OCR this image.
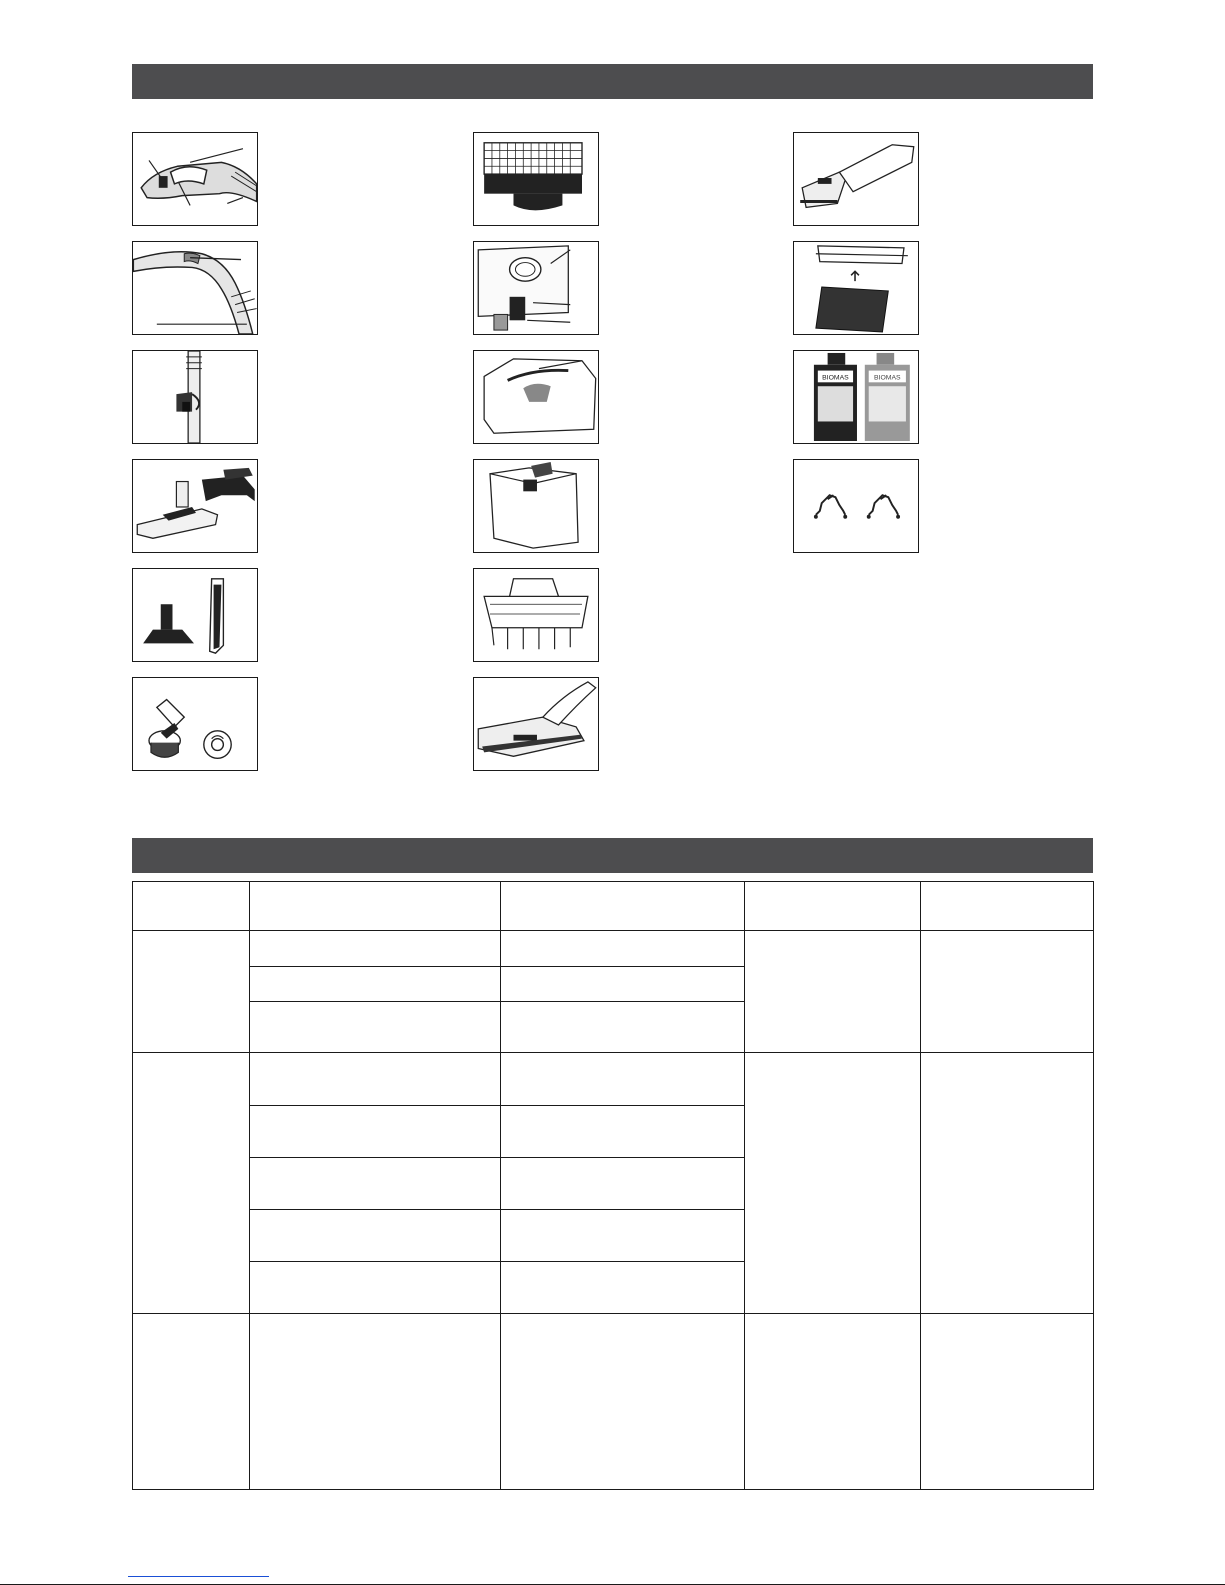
BIOMAS	BIOMAS
